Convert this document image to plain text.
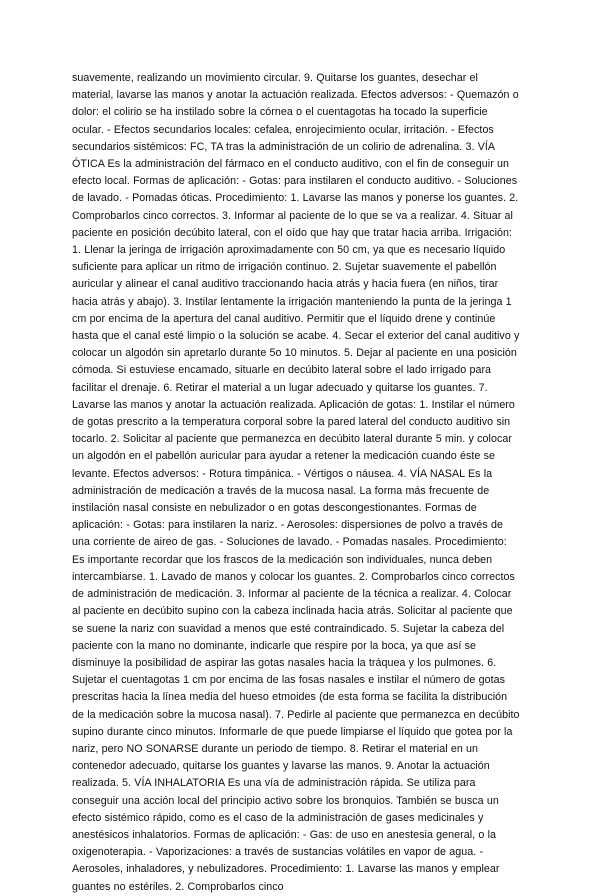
suavemente, realizando un movimiento circular. 9. Quitarse los guantes, desechar el material, lavarse las manos y anotar la actuación realizada. Efectos adversos: - Quemazón o dolor: el colirio se ha instilado sobre la córnea o el cuentagotas ha tocado la superficie ocular. - Efectos secundarios locales: cefalea, enrojecimiento ocular, irritación. - Efectos secundarios sistémicos: FC, TA tras la administración de un colirio de adrenalina. 3. VÍA ÓTICA Es la administración del fármaco en el conducto auditivo, con el fin de conseguir un efecto local. Formas de aplicación: - Gotas: para instilaren el conducto auditivo. - Soluciones de lavado. - Pomadas óticas. Procedimiento: 1. Lavarse las manos y ponerse los guantes. 2. Comprobarlos cinco correctos. 3. Informar al paciente de lo que se va a realizar. 4. Situar al paciente en posición decúbito lateral, con el oído que hay que tratar hacia arriba. Irrigación: 1. Llenar la jeringa de irrigación aproximadamente con 50 cm, ya que es necesario líquido suficiente para aplicar un ritmo de irrigación continuo. 2. Sujetar suavemente el pabellón auricular y alinear el canal auditivo traccionando hacia atrás y hacia fuera (en niños, tirar hacia atrás y abajo). 3. Instilar lentamente la irrigación manteniendo la punta de la jeringa 1 cm por encima de la apertura del canal auditivo. Permitir que el líquido drene y continúe hasta que el canal esté limpio o la solución se acabe. 4. Secar el exterior del canal auditivo y colocar un algodón sin apretarlo durante 5o 10 minutos. 5. Dejar al paciente en una posición cómoda. Si estuviese encamado, situarle en decúbito lateral sobre el lado irrigado para facilitar el drenaje. 6. Retirar el material a un lugar adecuado y quitarse los guantes. 7. Lavarse las manos y anotar la actuación realizada. Aplicación de gotas: 1. Instilar el número de gotas prescrito a la temperatura corporal sobre la pared lateral del conducto auditivo sin tocarlo. 2. Solicitar al paciente que permanezca en decúbito lateral durante 5 min. y colocar un algodón en el pabellón auricular para ayudar a retener la medicación cuando éste se levante. Efectos adversos: - Rotura timpánica. - Vértigos o náusea. 4. VÍA NASAL Es la administración de medicación a través de la mucosa nasal. La forma más frecuente de instilación nasal consiste en nebulizador o en gotas descongestionantes. Formas de aplicación: - Gotas: para instilaren la nariz. - Aerosoles: dispersiones de polvo a través de una corriente de aireo de gas. - Soluciones de lavado. - Pomadas nasales. Procedimiento: Es importante recordar que los frascos de la medicación son individuales, nunca deben intercambiarse. 1. Lavado de manos y colocar los guantes. 2. Comprobarlos cinco correctos de administración de medicación. 3. Informar al paciente de la técnica a realizar. 4. Colocar al paciente en decúbito supino con la cabeza inclinada hacia atrás. Solicitar al paciente que se suene la nariz con suavidad a menos que esté contraindicado. 5. Sujetar la cabeza del paciente con la mano no dominante, indicarle que respire por la boca, ya que así se disminuye la posibilidad de aspirar las gotas nasales hacia la tráquea y los pulmones. 6. Sujetar el cuentagotas 1 cm por encima de las fosas nasales e instilar el número de gotas prescritas hacia la línea media del hueso etmoides (de esta forma se facilita la distribución de la medicación sobre la mucosa nasal). 7. Pedirle al paciente que permanezca en decúbito supino durante cinco minutos. Informarle de que puede limpiarse el líquido que gotea por la nariz, pero NO SONARSE durante un periodo de tiempo. 8. Retirar el material en un contenedor adecuado, quitarse los guantes y lavarse las manos. 9. Anotar la actuación realizada. 5. VÍA INHALATORIA Es una vía de administración rápida. Se utiliza para conseguir una acción local del principio activo sobre los bronquios. También se busca un efecto sistémico rápido, como es el caso de la administración de gases medicinales y anestésicos inhalatorios. Formas de aplicación: - Gas: de uso en anestesia general, o la oxigenoterapia. - Vaporizaciones: a través de sustancias volátiles en vapor de agua. - Aerosoles, inhaladores, y nebulizadores. Procedimiento: 1. Lavarse las manos y emplear guantes no estériles. 2. Comprobarlos cinco
